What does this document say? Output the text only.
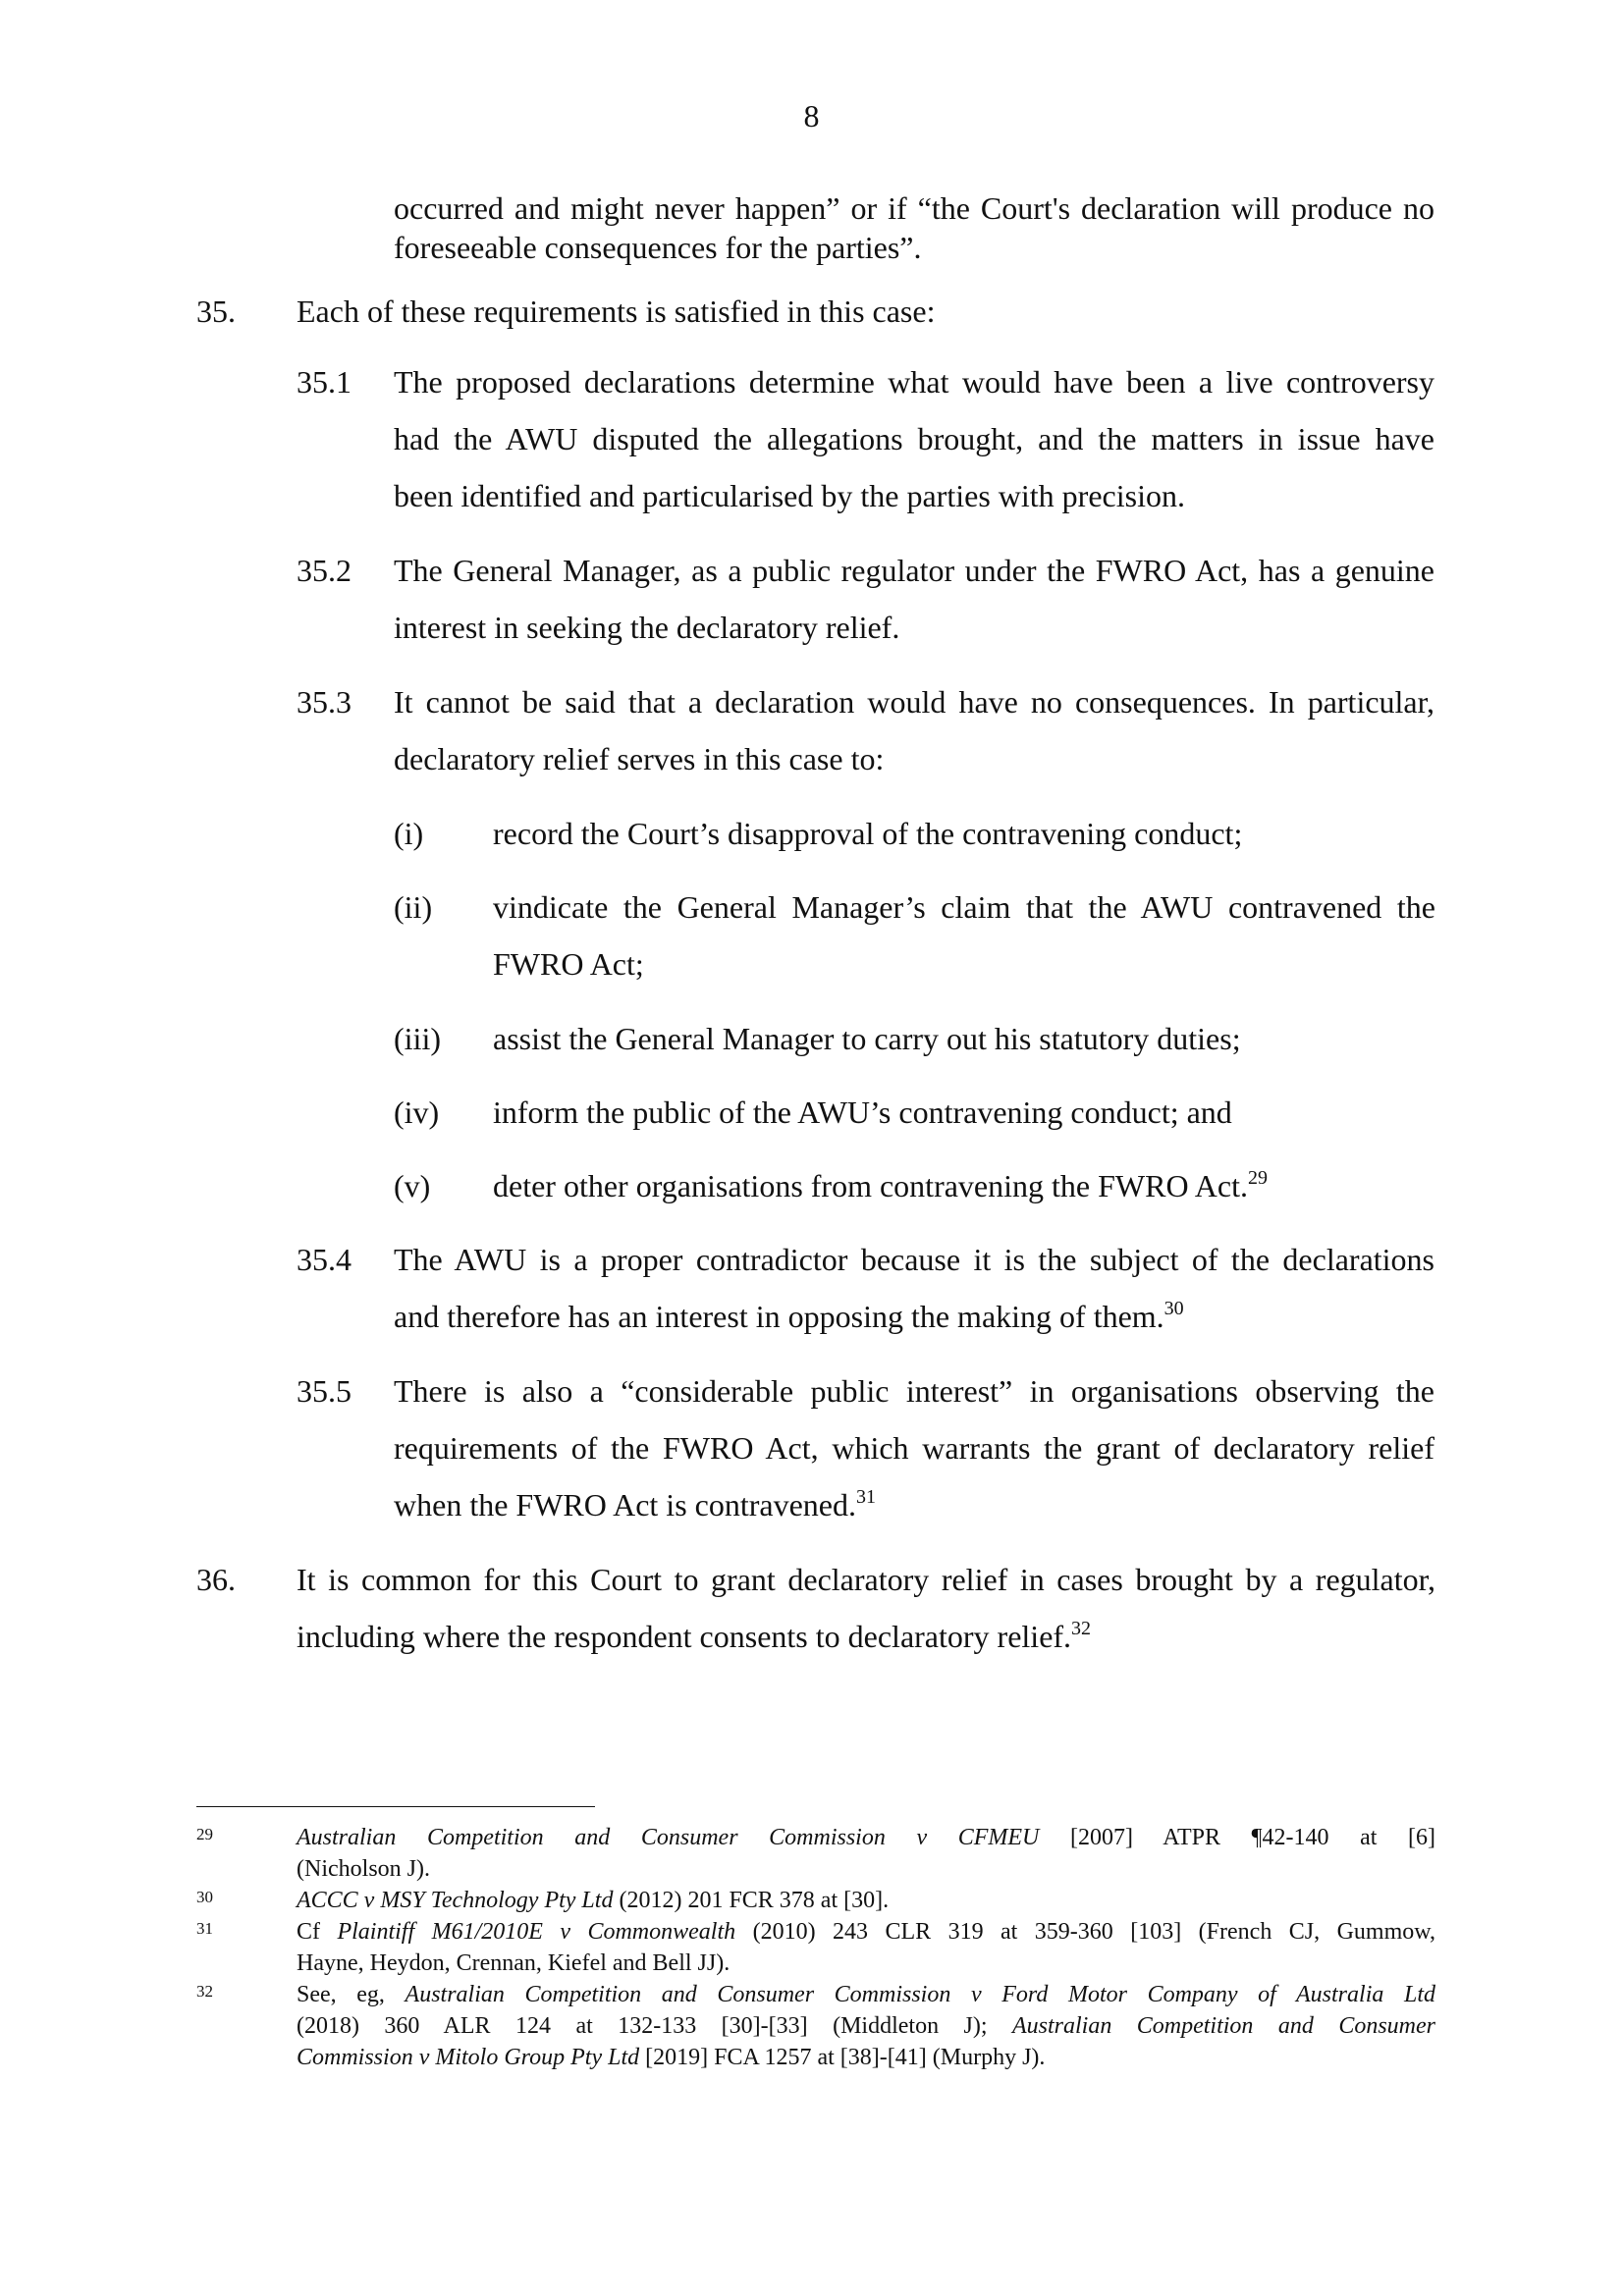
8
occurred and might never happen” or if “the Court's declaration will produce no
foreseeable consequences for the parties”.
35. Each of these requirements is satisfied in this case:
35.1 The proposed declarations determine what would have been a live controversy
had the AWU disputed the allegations brought, and the matters in issue have
been identified and particularised by the parties with precision.
35.2 The General Manager, as a public regulator under the FWRO Act, has a genuine
interest in seeking the declaratory relief.
35.3 It cannot be said that a declaration would have no consequences. In particular,
declaratory relief serves in this case to:
(i) record the Court’s disapproval of the contravening conduct;
(ii) vindicate the General Manager’s claim that the AWU contravened the
FWRO Act;
(iii) assist the General Manager to carry out his statutory duties;
(iv) inform the public of the AWU’s contravening conduct; and
(v) deter other organisations from contravening the FWRO Act.$^{29}$
35.4 The AWU is a proper contradictor because it is the subject of the declarations
and therefore has an interest in opposing the making of them.$^{30}$
35.5 There is also a “considerable public interest” in organisations observing the
requirements of the FWRO Act, which warrants the grant of declaratory relief
when the FWRO Act is contravened.$^{31}$
36. It is common for this Court to grant declaratory relief in cases brought by a regulator,
including where the respondent consents to declaratory relief.$^{32}$
29	Australian Competition and Consumer Commission v CFMEU [2007] ATPR ¶42-140 at [6]
(Nicholson J).
30	ACCC v MSY Technology Pty Ltd (2012) 201 FCR 378 at [30].
31	Cf Plaintiff M61/2010E v Commonwealth (2010) 243 CLR 319 at 359-360 [103] (French CJ, Gummow,
Hayne, Heydon, Crennan, Kiefel and Bell JJ).
32	See, eg, Australian Competition and Consumer Commission v Ford Motor Company of Australia Ltd
(2018) 360 ALR 124 at 132-133 [30]-[33] (Middleton J); Australian Competition and Consumer
Commission v Mitolo Group Pty Ltd [2019] FCA 1257 at [38]-[41] (Murphy J).
